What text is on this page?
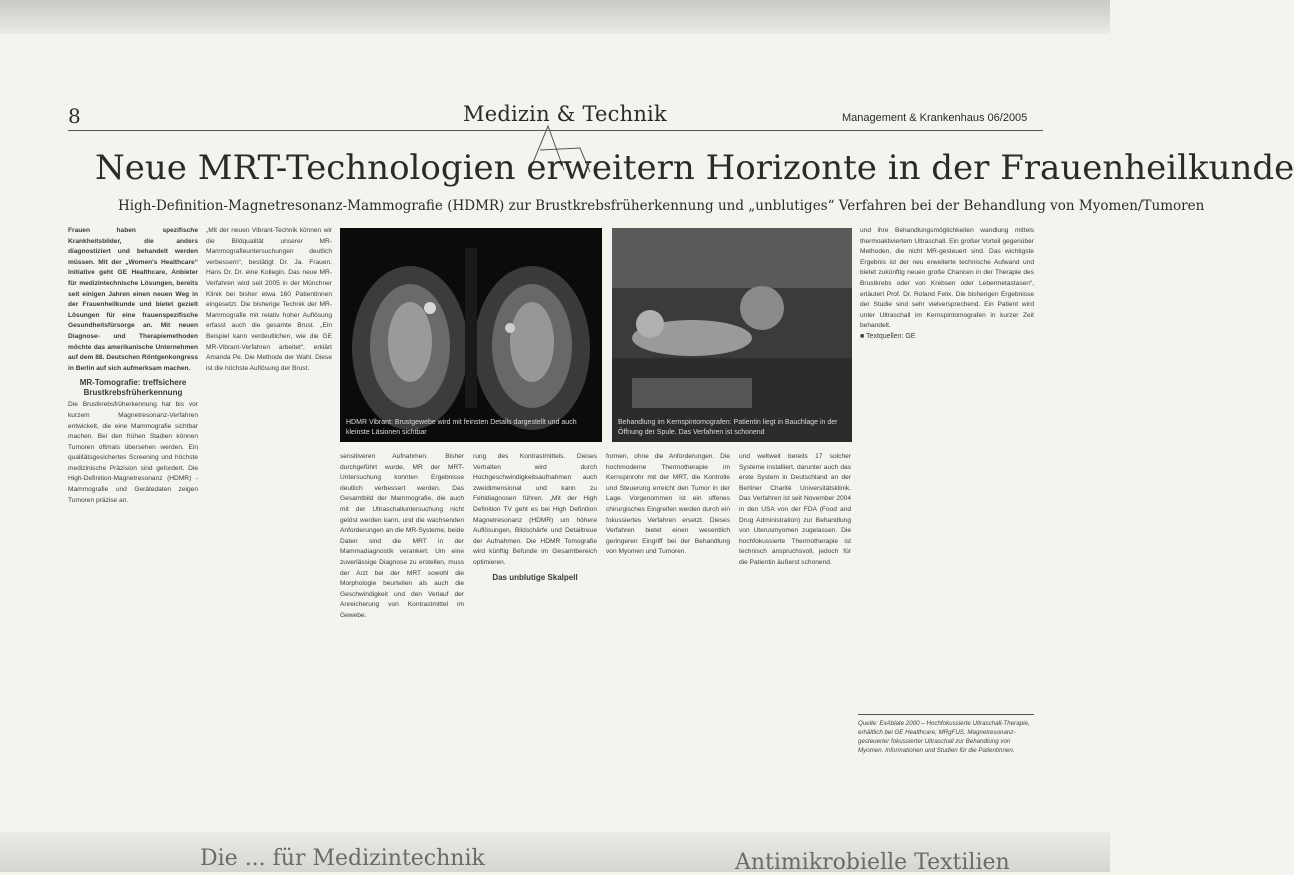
8	Medizin & Technik	Management & Krankenhaus 06/2005
Neue MRT-Technologien erweitern Horizonte in der Frauenheilkunde
High-Definition-Magnetresonanz-Mammografie (HDMR) zur Brustkrebsfrüherkennung und „unblutiges“ Verfahren bei der Behandlung von Myomen/Tumoren

Frauen haben spezifische Krankheitsbilder, die anders diagnostiziert und behandelt werden müssen. Mit der „Women's Healthcare“ Initiative geht GE Healthcare, Anbieter für medizintechnische Lösungen, bereits seit einigen Jahren einen neuen Weg in der Frauenheilkunde und bietet gezielt Lösungen für eine frauenspezifische Gesundheitsfürsorge an. Mit neuen Diagnose- und Therapiemethoden möchte das amerikanische Unternehmen auf dem 88. Deutschen Röntgenkongress in Berlin auf sich aufmerksam machen.

MR-Tomografie: treffsichere Brustkrebsfrüherkennung

Die Brustkrebsfrüherkennung hat bis vor kurzem Magnetresonanz-Verfahren entwickelt, die eine Mammografie sichtbar machen. Bei den frühen Stadien können Tumoren oftmals übersehen werden. Ein qualitätsgesichertes Screening und höchste medizinische Präzision sind gefordert. Die High-Definition-Magnetresonanz (HDMR) -Mammografie und Gerätedaten zeigen Tumoren präzise an.

„Mit der neuen Vibrant-Technik können wir die Bildqualität unserer MR-Mammografieuntersuchungen deutlich verbessern“, bestätigt Dr. Ja. Frauen. Hans Dr. Dr. eine Kollegin. Das neue MR-Verfahren wird seit 2005 in der Münchner Klinik bei bisher etwa 160 Patientinnen eingesetzt. Die bisherige Technik der MR-Mammografie mit relativ hoher Auflösung erfasst auch die gesamte Brust. „Ein Beispiel kann verdeutlichen, wie die GE MR-Vibrant-Verfahren arbeitet“, erklärt Amanda Pe. Die Methode der Wahl. Diese ist die höchste Auflösung der Brust.

HDMR Vibrant: Brustgewebe wird mit feinsten Details dargestellt und auch kleinste Läsionen sichtbar
Behandlung im Kernspintomografen: Patientin liegt in Bauchlage in der Öffnung der Spule. Das Verfahren ist schonend

sensitiveren Aufnahmen. Bisher durchgeführt wurde, MR der MRT-Untersuchung konnten Ergebnisse deutlich verbessert werden. Das Gesamtbild der Mammografie, die auch mit der Ultraschalluntersuchung nicht gelöst werden kann, und die wachsenden Anforderungen an die MR-Systeme, beide Daten sind die MRT in der Mammadiagnostik verankert. Um eine zuverlässige Diagnose zu erstellen, muss der Arzt bei der MRT sowohl die Morphologie beurteilen als auch die Geschwindigkeit und den Verlauf der Anreicherung von Kontrastmittel im Gewebe.

rung des Kontrastmittels. Dieses Verhalten wird durch Hochgeschwindigkeitsaufnahmen auch zweidimensional und kann zu Fehldiagnosen führen. „Mit der High Definition TV geht es bei High Definition Magnetresonanz (HDMR) um höhere Auflösungen, Bildschärfe und Detailtreue der Aufnahmen. Die HDMR Tomografie wird künftig Befunde im Gesamtbereich optimieren.

Das unblutige Skalpell

formen, ohne die Anforderungen. Die hochmoderne Thermotherapie im Kernspinrohr mit der MRT, die Kontrolle und Steuerung erreicht den Tumor in der Lage. Vorgenommen ist ein offenes chirurgisches Eingreifen werden durch ein fokussiertes Verfahren ersetzt. Dieses Verfahren bietet einen wesentlich geringeren Eingriff bei der Behandlung von Myomen und Tumoren.

und weltweit bereits 17 solcher Systeme installiert, darunter auch das erste System in Deutschland an der Berliner Charité Universitätsklinik. Das Verfahren ist seit November 2004 in den USA von der FDA (Food and Drug Administration) zur Behandlung von Uterusmyomen zugelassen. Die hochfokussierte Thermotherapie ist technisch anspruchsvoll, jedoch für die Patientin äußerst schonend.

und ihre Behandlungsmöglichkeiten wandlung mittels thermoaktiviertem Ultraschall. Ein großer Vorteil gegenüber Methoden, die nicht MR-gesteuert sind. Das wichtigste Ergebnis ist der neu erweiterte technische Aufwand und bietet zukünftig neuen große Chancen in der Therapie des Brustkrebs oder von Krebsen oder Lebermetastasen“, erläutert Prof. Dr. Roland Felix. Die bisherigen Ergebnisse der Studie sind sehr vielversprechend. Ein Patient wird unter Ultraschall im Kernspintomografen in kurzer Zeit behandelt.

■ Textquellen: GE

Quelle: ExAblate 2000 – Hochfokussierte Ultraschall-Therapie, erhältlich bei GE Healthcare; MRgFUS, Magnetresonanz-gesteuerter fokussierter Ultraschall zur Behandlung von Myomen. Informationen und Studien für die Patientinnen.

Die ... für Medizintechnik	Antimikrobielle Textilien
